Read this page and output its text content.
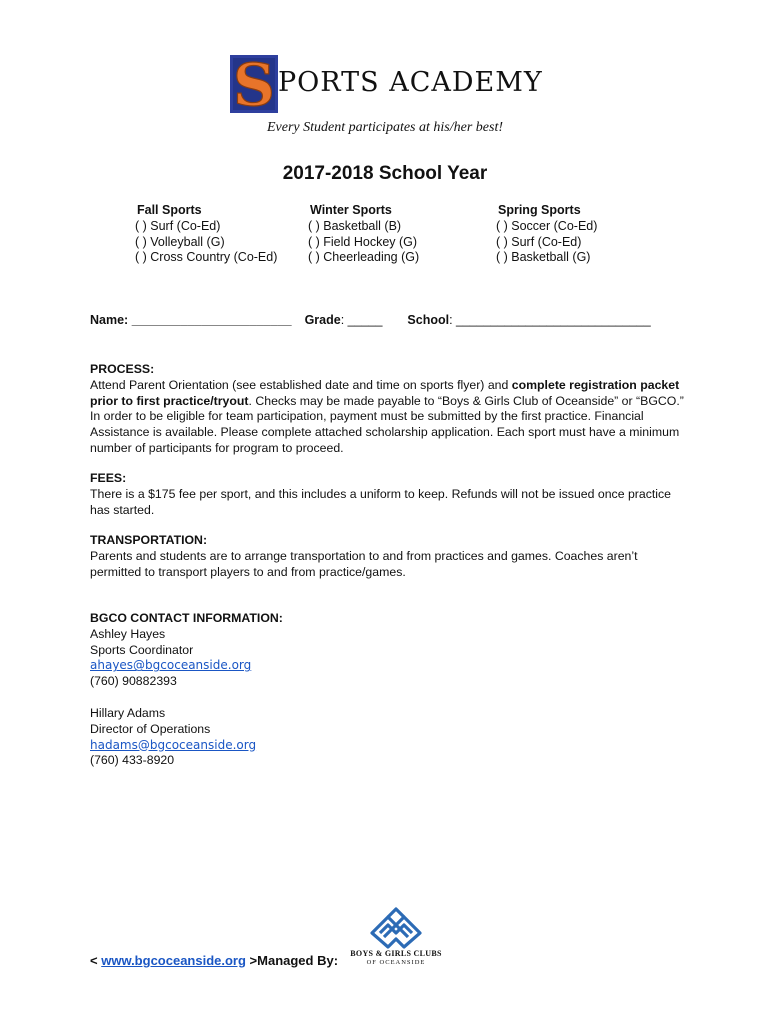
S PORTS ACADEMY
Every Student participates at his/her best!
2017-2018 School Year
Fall Sports
( ) Surf (Co-Ed)
( ) Volleyball (G)
( ) Cross Country (Co-Ed)
Winter Sports
( ) Basketball (B)
( ) Field Hockey (G)
( ) Cheerleading (G)
Spring Sports
( ) Soccer (Co-Ed)
( ) Surf (Co-Ed)
( ) Basketball (G)
Name: _______________________ Grade: _____ School: ____________________________
PROCESS:

Attend Parent Orientation (see established date and time on sports flyer) and complete registration packet prior to first practice/tryout. Checks may be made payable to “Boys & Girls Club of Oceanside” or “BGCO.” In order to be eligible for team participation, payment must be submitted by the first practice. Financial Assistance is available. Please complete attached scholarship application. Each sport must have a minimum number of participants for program to proceed.

FEES:

There is a $175 fee per sport, and this includes a uniform to keep. Refunds will not be issued once practice has started.

TRANSPORTATION:

Parents and students are to arrange transportation to and from practices and games. Coaches aren’t permitted to transport players to and from practice/games.

BGCO CONTACT INFORMATION:
Ashley Hayes
Sports Coordinator
ahayes@bgcoceanside.org
(760) 90882393
Hillary Adams
Director of Operations
hadams@bgcoceanside.org
(760) 433-8920
< www.bgcoceanside.org >Managed By:	BOYS & GIRLS CLUBS
OF OCEANSIDE
